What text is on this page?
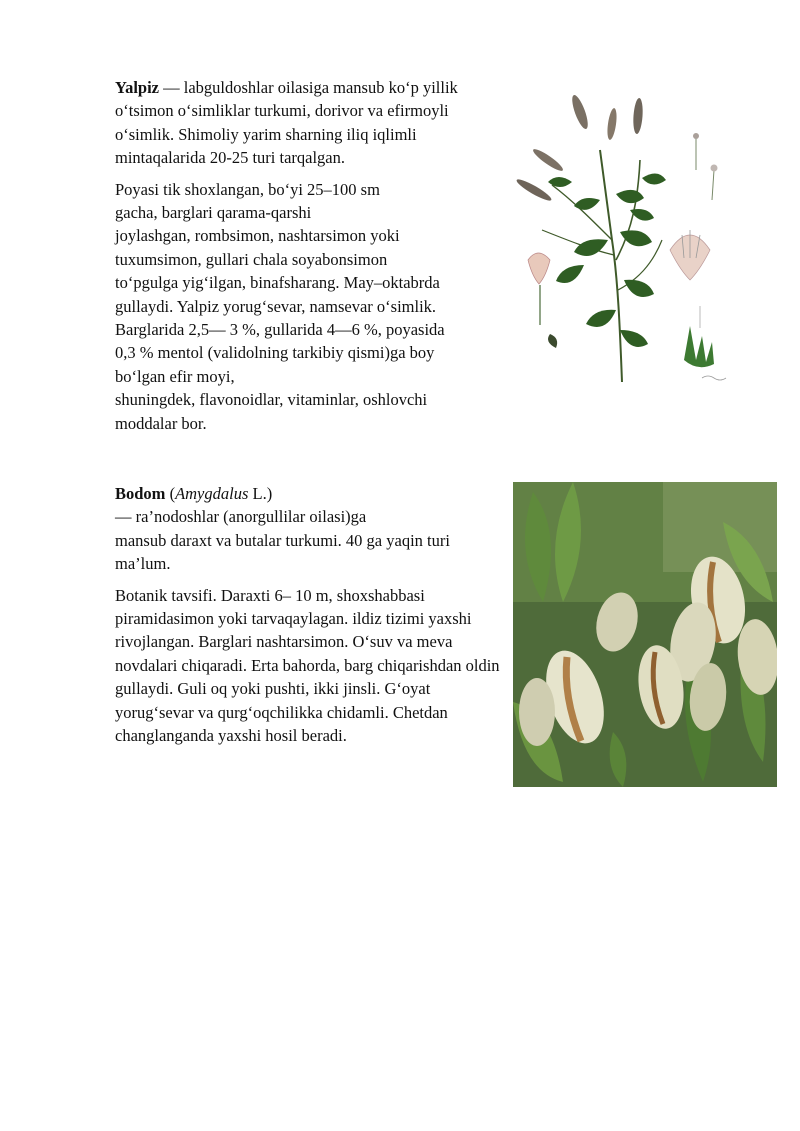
Yalpiz — labguldoshlar oilasiga mansub ko‘p yillik o‘tsimon o‘simliklar turkumi, dorivor va efirmoyli o‘simlik. Shimoliy yarim sharning iliq iqlimli mintaqalarida 20-25 turi tarqalgan.

Poyasi tik shoxlangan, bo‘yi 25–100 sm
gacha, barglari qarama-qarshi
joylashgan, rombsimon, nashtarsimon yoki
tuxumsimon, gullari chala soyabonsimon
to‘pgulga yig‘ilgan, binafsharang. May–oktabrda
gullaydi. Yalpiz yorug‘sevar, namsevar o‘simlik.
Barglarida 2,5— 3 %, gullarida 4—6 %, poyasida
0,3 % mentol (validolning tarkibiy qismi)ga boy
bo‘lgan efir moyi,
shuningdek, flavonoidlar, vitaminlar, oshlovchi
moddalar bor.

Bodom (Amygdalus L.)
— ra’nodoshlar (anorgullilar oilasi)ga
mansub daraxt va butalar turkumi. 40 ga yaqin turi ma’lum.

Botanik tavsifi. Daraxti 6– 10 m, shoxshabbasi piramidasimon yoki tarvaqaylagan. ildiz tizimi yaxshi rivojlangan. Barglari nashtarsimon. O‘suv va meva novdalari chiqaradi. Erta bahorda, barg chiqarishdan oldin gullaydi. Guli oq yoki pushti, ikki jinsli. G‘oyat yorug‘sevar va qurg‘oqchilikka chidamli. Chetdan changlanganda yaxshi hosil beradi.
